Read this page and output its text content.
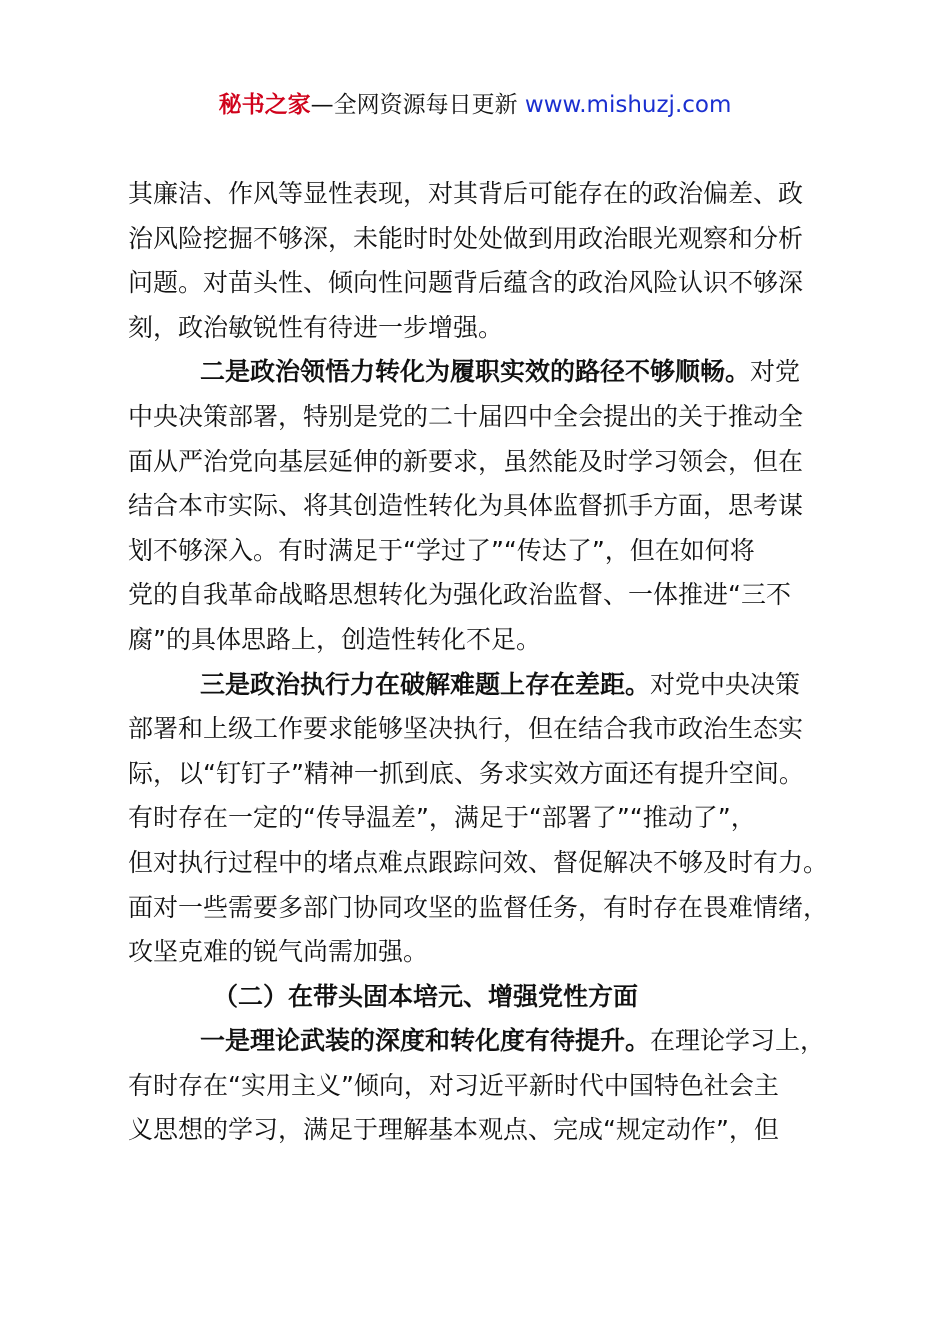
秘书之家—全网资源每日更新 www.mishuzj.com
其廉洁、作风等显性表现，对其背后可能存在的政治偏差、政
治风险挖掘不够深，未能时时处处做到用政治眼光观察和分析
问题。对苗头性、倾向性问题背后蕴含的政治风险认识不够深
刻，政治敏锐性有待进一步增强。
二是政治领悟力转化为履职实效的路径不够顺畅。对党
中央决策部署，特别是党的二十届四中全会提出的关于推动全
面从严治党向基层延伸的新要求，虽然能及时学习领会，但在
结合本市实际、将其创造性转化为具体监督抓手方面，思考谋
划不够深入。有时满足于“学过了”“传达了”，但在如何将
党的自我革命战略思想转化为强化政治监督、一体推进“三不
腐”的具体思路上，创造性转化不足。
三是政治执行力在破解难题上存在差距。对党中央决策
部署和上级工作要求能够坚决执行，但在结合我市政治生态实
际，以“钉钉子”精神一抓到底、务求实效方面还有提升空间。
有时存在一定的“传导温差”，满足于“部署了”“推动了”，
但对执行过程中的堵点难点跟踪问效、督促解决不够及时有力。
面对一些需要多部门协同攻坚的监督任务，有时存在畏难情绪，
攻坚克难的锐气尚需加强。
（二）在带头固本培元、增强党性方面
一是理论武装的深度和转化度有待提升。在理论学习上，
有时存在“实用主义”倾向，对习近平新时代中国特色社会主
义思想的学习，满足于理解基本观点、完成“规定动作”，但
